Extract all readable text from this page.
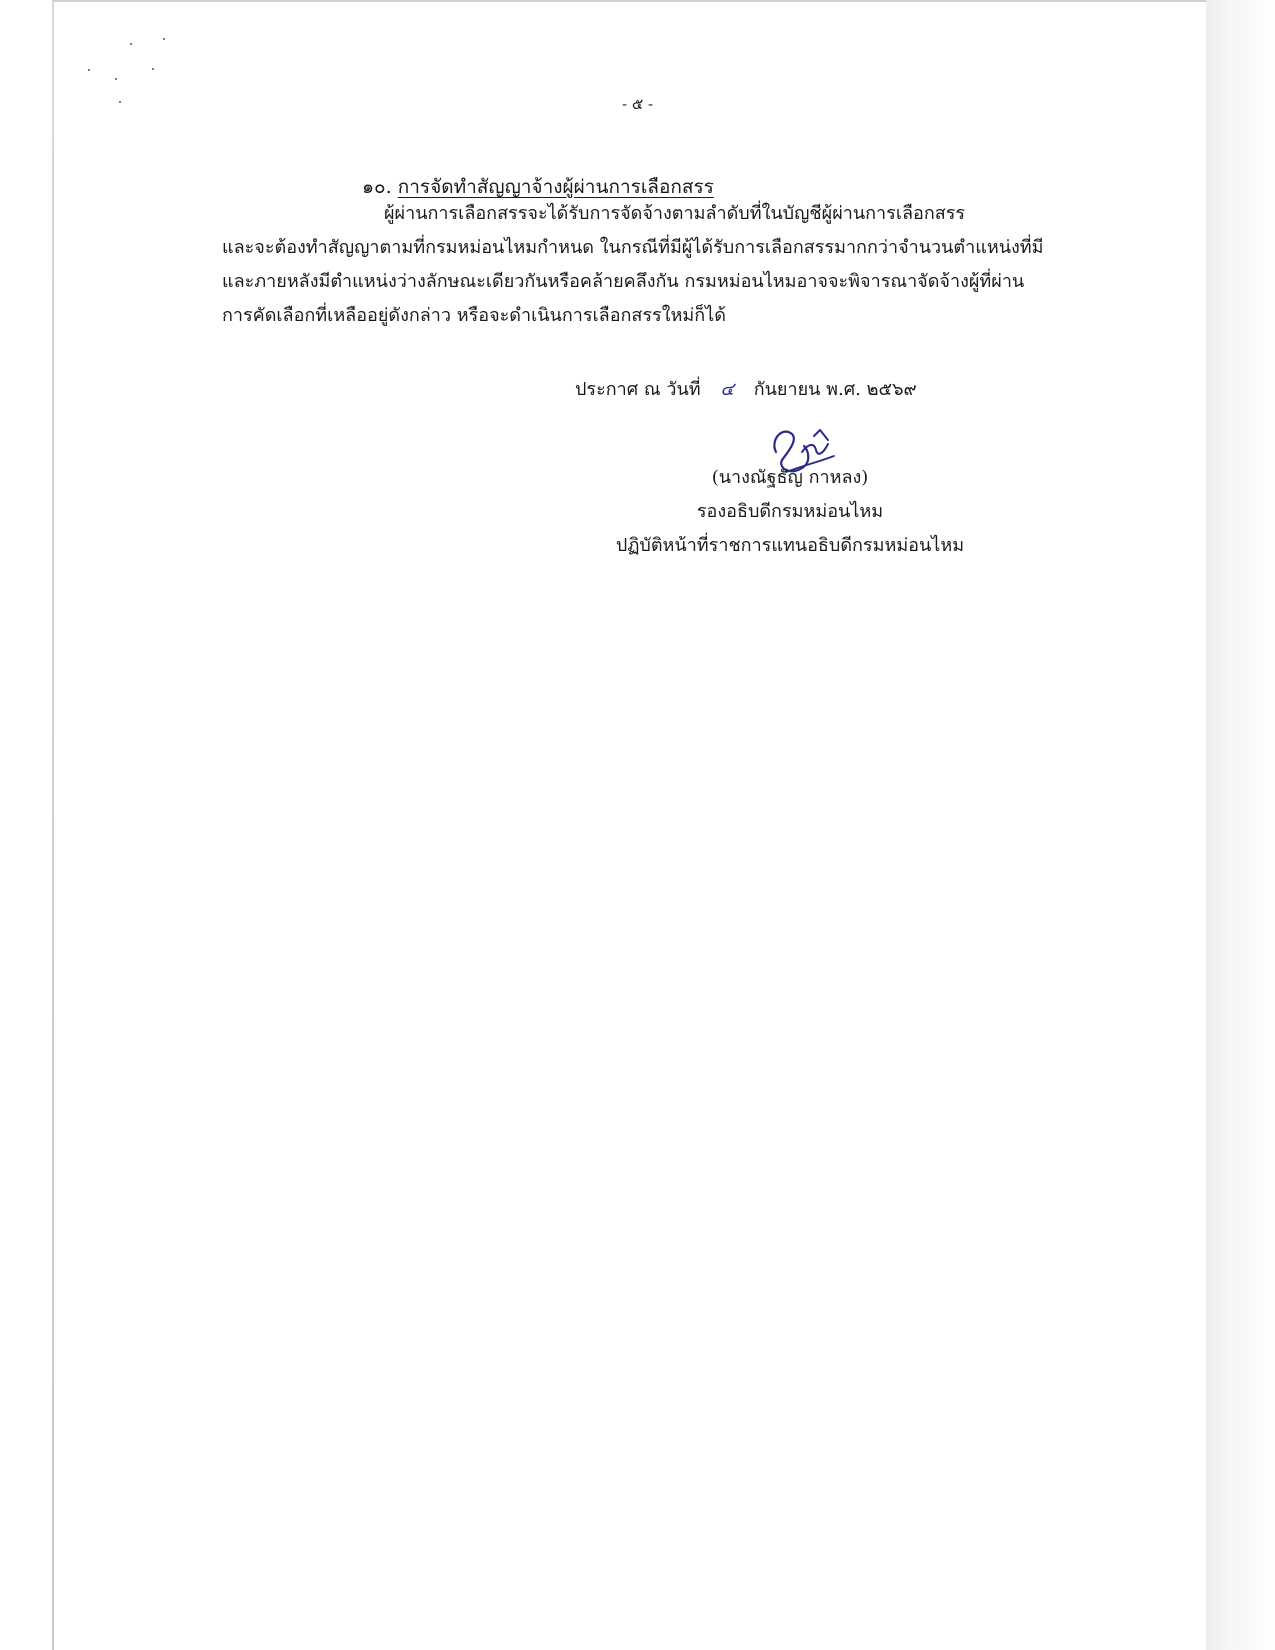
- ๕ -
๑๐. การจัดทำสัญญาจ้างผู้ผ่านการเลือกสรร
ผู้ผ่านการเลือกสรรจะได้รับการจัดจ้างตามลำดับที่ในบัญชีผู้ผ่านการเลือกสรร
และจะต้องทำสัญญาตามที่กรมหม่อนไหมกำหนด ในกรณีที่มีผู้ได้รับการเลือกสรรมากกว่าจำนวนตำแหน่งที่มี
และภายหลังมีตำแหน่งว่างลักษณะเดียวกันหรือคล้ายคลึงกัน กรมหม่อนไหมอาจจะพิจารณาจัดจ้างผู้ที่ผ่าน
การคัดเลือกที่เหลืออยู่ดังกล่าว หรือจะดำเนินการเลือกสรรใหม่ก็ได้
ประกาศ ณ วันที่ ๔ กันยายน พ.ศ. ๒๕๖๙
(นางณัฐธัญ กาหลง)
รองอธิบดีกรมหม่อนไหม
ปฏิบัติหน้าที่ราชการแทนอธิบดีกรมหม่อนไหม
